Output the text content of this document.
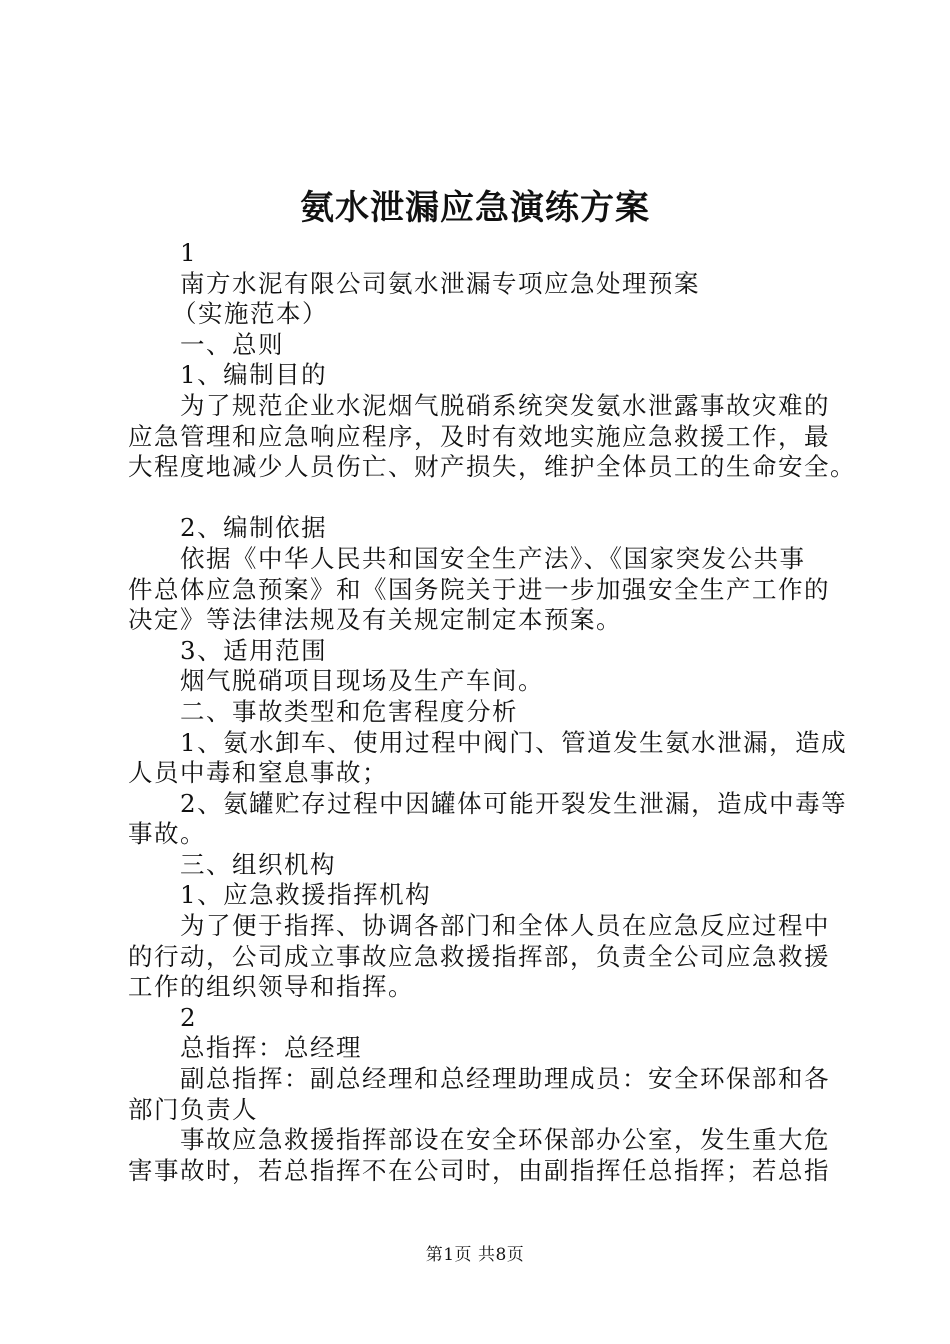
氨水泄漏应急演练方案
1
南方水泥有限公司氨水泄漏专项应急处理预案
（实施范本）
一、总则
1、编制目的
为了规范企业水泥烟气脱硝系统突发氨水泄露事故灾难的
应急管理和应急响应程序，及时有效地实施应急救援工作，最
大程度地减少人员伤亡、财产损失，维护全体员工的生命安全。
2、编制依据
依据《中华人民共和国安全生产法》、《国家突发公共事
件总体应急预案》和《国务院关于进一步加强安全生产工作的
决定》等法律法规及有关规定制定本预案。
3、适用范围
烟气脱硝项目现场及生产车间。
二、事故类型和危害程度分析
1、氨水卸车、使用过程中阀门、管道发生氨水泄漏，造成
人员中毒和窒息事故；
2、氨罐贮存过程中因罐体可能开裂发生泄漏，造成中毒等
事故。
三、组织机构
1、应急救援指挥机构
为了便于指挥、协调各部门和全体人员在应急反应过程中
的行动，公司成立事故应急救援指挥部，负责全公司应急救援
工作的组织领导和指挥。
2
总指挥：总经理
副总指挥：副总经理和总经理助理成员：安全环保部和各
部门负责人
事故应急救援指挥部设在安全环保部办公室，发生重大危
害事故时，若总指挥不在公司时，由副指挥任总指挥；若总指
第1页 共8页
